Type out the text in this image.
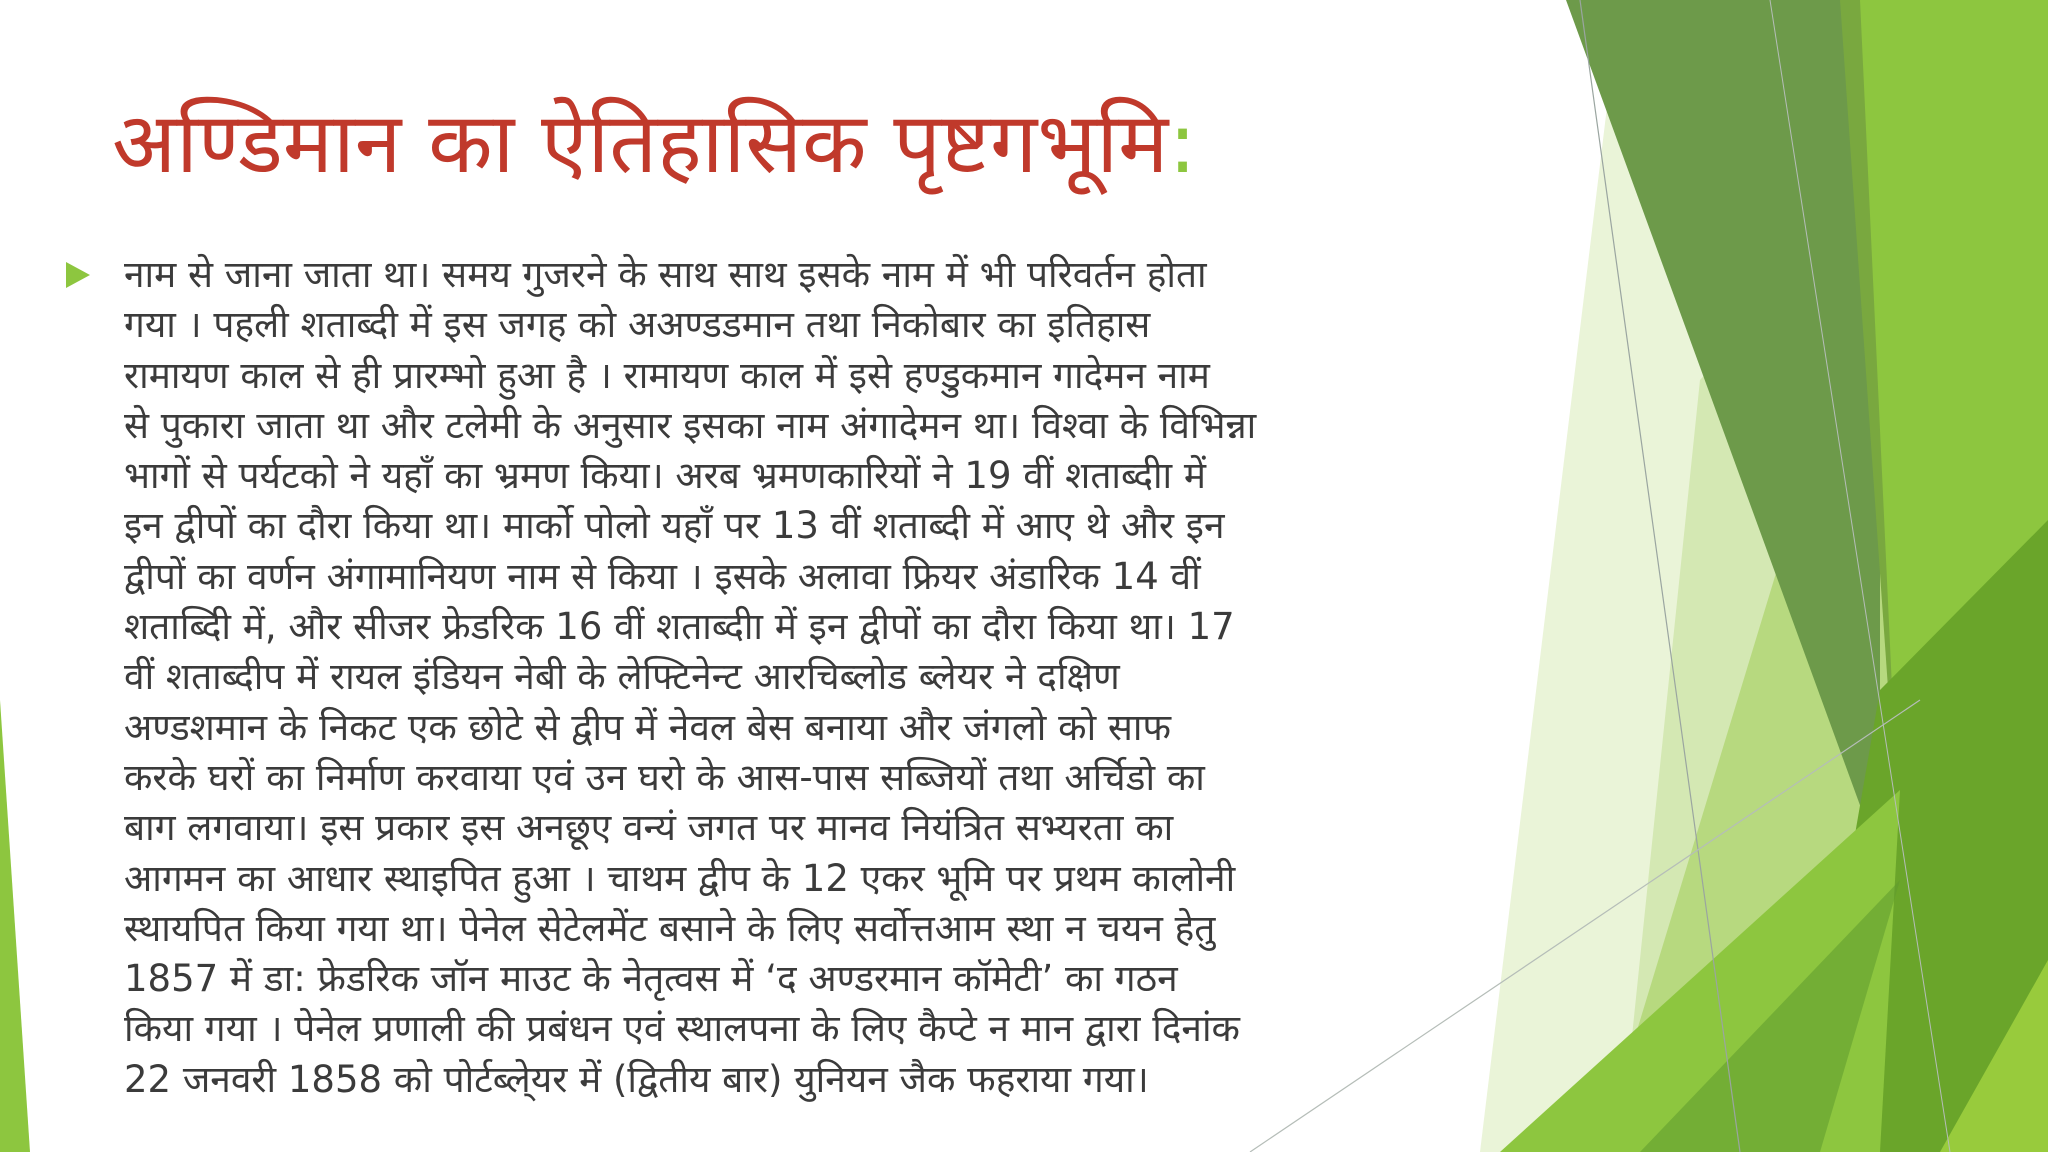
अण्डिमान का ऐतिहासिक पृष्टगभूमि:

नाम से जाना जाता था। समय गुजरने के साथ साथ इसके नाम में भी परिवर्तन होता
गया । पहली शताब्दी में इस जगह को अअण्डडमान तथा निकोबार का इतिहास
रामायण काल से ही प्रारम्भो हुआ है । रामायण काल में इसे हण्डुकमान गादेमन नाम
से पुकारा जाता था और टलेमी के अनुसार इसका नाम अंगादेमन था। विश्वा के विभिन्ना
भागों से पर्यटको ने यहाँ का भ्रमण किया। अरब भ्रमणकारियों ने 19 वीं शताब्दीा में
इन द्वीपों का दौरा किया था। मार्को पोलो यहाँ पर 13 वीं शताब्दी में आए थे और इन
द्वीपों का वर्णन अंगामानियण नाम से किया । इसके अलावा फ्रियर अंडारिक 14 वीं
शताब्दीि में, और सीजर फ्रेडरिक 16 वीं शताब्दीा में इन द्वीपों का दौरा किया था। 17
वीं शताब्दीप में रायल इंडियन नेबी के लेफ्टिनेन्ट आरचिब्लाेड ब्लेयर ने दक्षिण
अण्डशमान के निकट एक छोटे से द्वीप में नेवल बेस बनाया और जंगलो को साफ
करके घरों का निर्माण करवाया एवं उन घरो के आस-पास सब्जियों तथा अर्चिडो का
बाग लगवाया। इस प्रकार इस अनछूए वन्यं जगत पर मानव नियंत्रित सभ्यरता का
आगमन का आधार स्थाइपित हुआ । चाथम द्वीप के 12 एकर भूमि पर प्रथम कालोनी
स्थायपित किया गया था। पेनेल सेटेलमेंट बसाने के लिए सर्वोत्तआम स्था न चयन हेतु
1857 में डा: फ्रेडरिक जॉन माउट के नेतृत्वस में ‘द अण्डरमान कॉमेटी’ का गठन
किया गया । पेनेल प्रणाली की प्रबंधन एवं स्थालपना के लिए कैप्टे न मान द्वारा दिनांक
22 जनवरी 1858 को पोर्टब्ले्यर में (द्वितीय बार) युनियन जैक फहराया गया।
